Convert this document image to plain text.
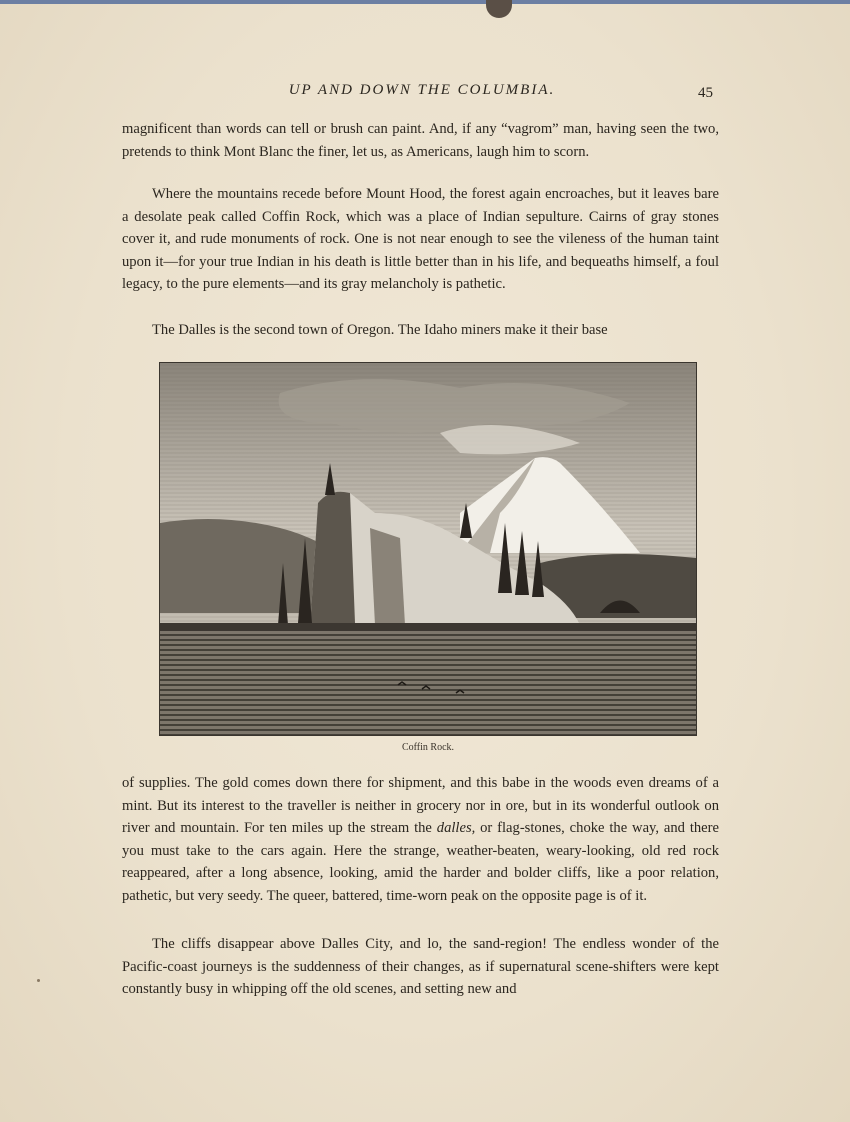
UP AND DOWN THE COLUMBIA.	45
magnificent than words can tell or brush can paint. And, if any “vagrom” man, having seen the two, pretends to think Mont Blanc the finer, let us, as Americans, laugh him to scorn.
Where the mountains recede before Mount Hood, the forest again encroaches, but it leaves bare a desolate peak called Coffin Rock, which was a place of Indian sepulture. Cairns of gray stones cover it, and rude monuments of rock. One is not near enough to see the vileness of the human taint upon it—for your true Indian in his death is little better than in his life, and bequeaths himself, a foul legacy, to the pure elements—and its gray melancholy is pathetic.
The Dalles is the second town of Oregon. The Idaho miners make it their base
Coffin Rock.
of supplies. The gold comes down there for shipment, and this babe in the woods even dreams of a mint. But its interest to the traveller is neither in grocery nor in ore, but in its wonderful outlook on river and mountain. For ten miles up the stream the dalles, or flag-stones, choke the way, and there you must take to the cars again. Here the strange, weather-beaten, weary-looking, old red rock reappeared, after a long absence, looking, amid the harder and bolder cliffs, like a poor relation, pathetic, but very seedy. The queer, battered, time-worn peak on the opposite page is of it.
The cliffs disappear above Dalles City, and lo, the sand-region! The endless wonder of the Pacific-coast journeys is the suddenness of their changes, as if supernatural scene-shifters were kept constantly busy in whipping off the old scenes, and setting new and
